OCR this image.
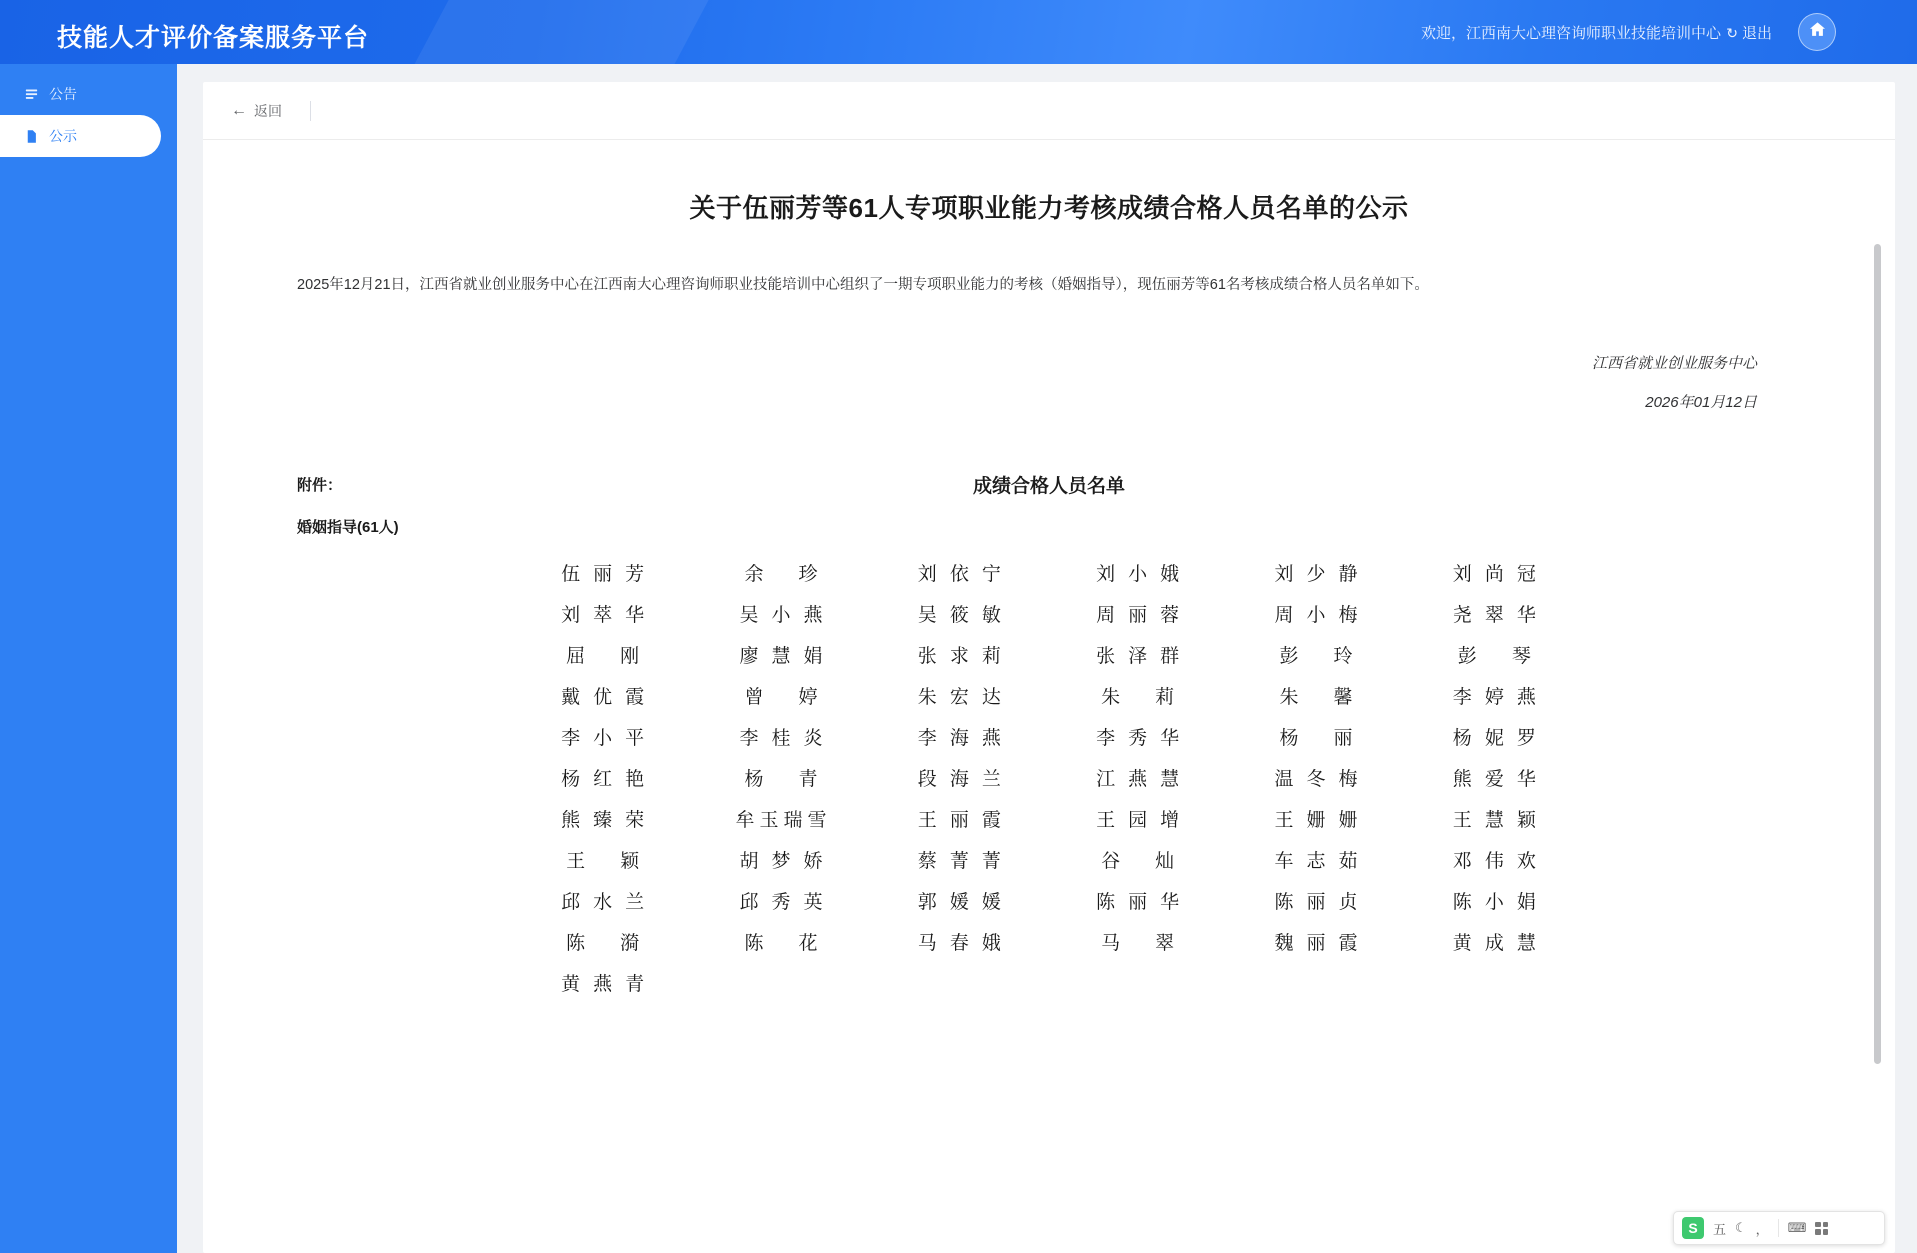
技能人才评价备案服务平台	欢迎，江西南大心理咨询师职业技能培训中心 ↻ 退出
公告
公示
← 返回
关于伍丽芳等61人专项职业能力考核成绩合格人员名单的公示
2025年12月21日，江西省就业创业服务中心在江西南大心理咨询师职业技能培训中心组织了一期专项职业能力的考核（婚姻指导），现伍丽芳等61名考核成绩合格人员名单如下。
江西省就业创业服务中心
2026年01月12日
附件：	成绩合格人员名单
婚姻指导(61人)
伍 丽 芳	余 珍	刘 依 宁	刘 小 娥	刘 少 静	刘 尚 冠
刘 萃 华	吴 小 燕	吴 筱 敏	周 丽 蓉	周 小 梅	尧 翠 华
屈 刚	廖 慧 娟	张 求 莉	张 泽 群	彭 玲	彭 琴
戴 优 霞	曾 婷	朱 宏 达	朱 莉	朱 馨	李 婷 燕
李 小 平	李 桂 炎	李 海 燕	李 秀 华	杨 丽	杨 妮 罗
杨 红 艳	杨 青	段 海 兰	江 燕 慧	温 冬 梅	熊 爱 华
熊 臻 荣	牟 玉 瑞 雪	王 丽 霞	王 园 增	王 姗 姗	王 慧 颖
王 颖	胡 梦 娇	蔡 菁 菁	谷 灿	车 志 茹	邓 伟 欢
邱 水 兰	邱 秀 英	郭 媛 媛	陈 丽 华	陈 丽 贞	陈 小 娟
陈 漪	陈 花	马 春 娥	马 翠	魏 丽 霞	黄 成 慧
黄 燕 青
S	五 ☾ ， ⌨
